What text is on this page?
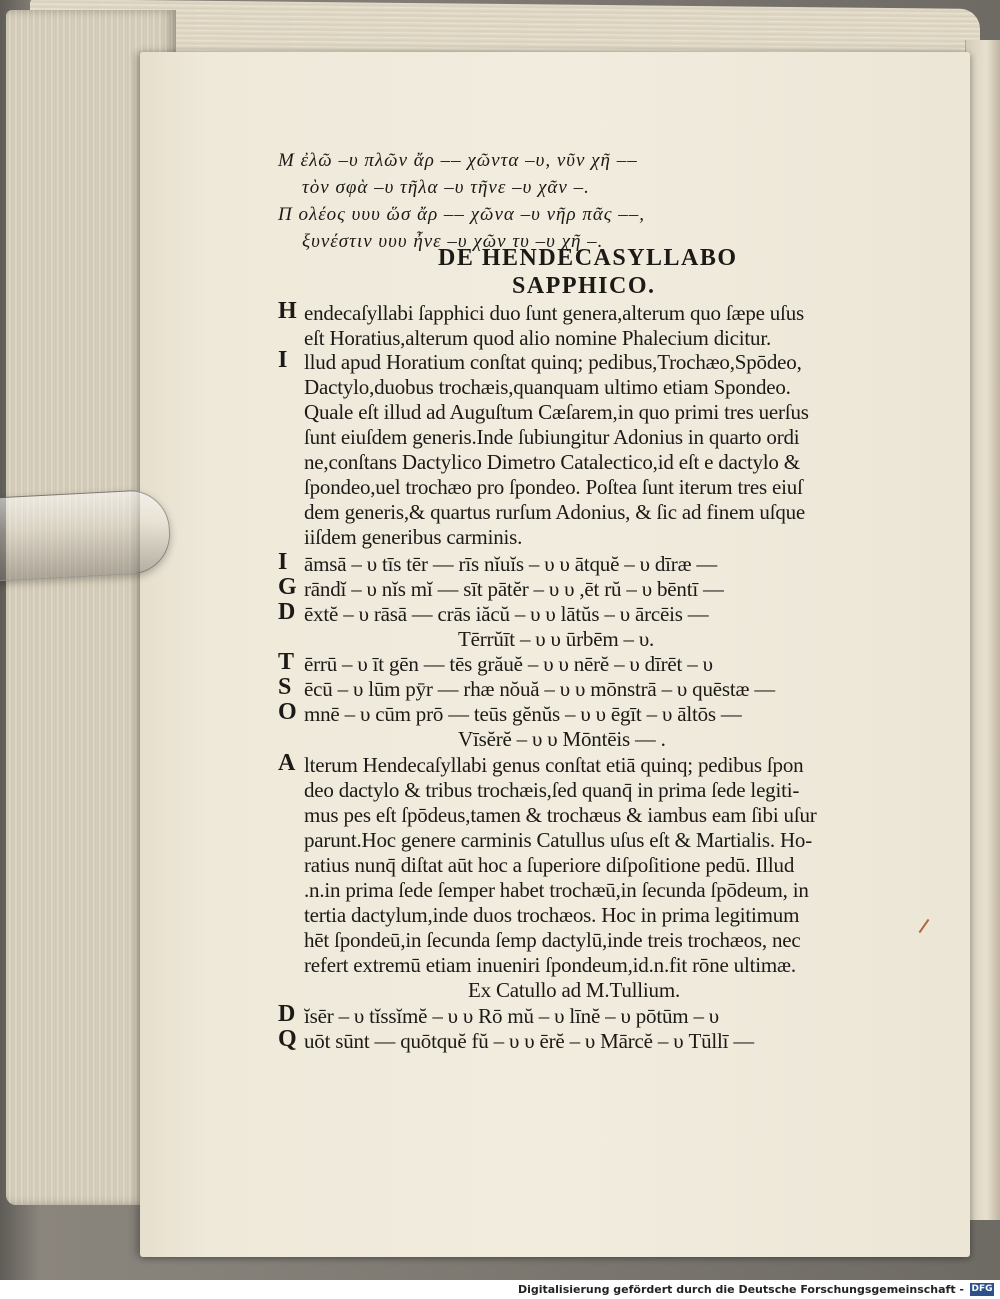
Μ ἐλῶ –υ πλῶν ἄρ –– χῶντα –υ, νῦν χῆ ––
τὸν σφὰ –υ τῆλα –υ τῆνε –υ χᾶν –.
Π ολέος υυυ ὥσ ἄρ –– χῶνα –υ νῆρ πᾶς ––,
ξυνέστιν υυυ ἦνε –υ χῶν τυ –υ χῆ –.
DE HENDECASYLLABO
SAPPHICO.
H endecaſyllabi ſapphici duo ſunt genera,alterum quo ſæpe uſus
eſt Horatius,alterum quod alio nomine Phalecium dicitur.
I llud apud Horatium conſtat quinq; pedibus,Trochæo,Spōdeo,
Dactylo,duobus trochæis,quanquam ultimo etiam Spondeo.
Quale eſt illud ad Auguſtum Cæſarem,in quo primi tres uerſus
ſunt eiuſdem generis.Inde ſubiungitur Adonius in quarto ordi
ne,conſtans Dactylico Dimetro Catalectico,id eſt e dactylo &
ſpondeo,uel trochæo pro ſpondeo. Poſtea ſunt iterum tres eiuſ
dem generis,& quartus rurſum Adonius, & ſic ad finem uſque
iiſdem generibus carminis.
I āmsā – υ tīs tēr –– rīs nĭuĭs – υ υ ātquĕ – υ dīræ ––
G rāndĭ – υ nĭs mĭ –– sīt pātĕr – υ υ ,ēt rŭ – υ bēntī ––
D ēxtĕ – υ rāsā –– crās iăcŭ – υ υ lātŭs – υ ārcēis ––
Tērrŭīt – υ υ ūrbēm – υ.
T ērrū – υ īt gēn –– tēs grăuĕ – υ υ nērĕ – υ dīrēt – υ
S ēcū – υ lūm pȳr –– rhæ nŏuă – υ υ mōnstrā – υ quēstæ ––
O mnē – υ cūm prō –– teūs gĕnŭs – υ υ ēgīt – υ āltōs ––
Vīsĕrĕ – υ υ Mōntēis –– .
A lterum Hendecaſyllabi genus conſtat etiā quinq; pedibus ſpon
deo dactylo & tribus trochæis,ſed quanq̄ in prima ſede legiti-
mus pes eſt ſpōdeus,tamen & trochæus & iambus eam ſibi uſur
parunt.Hoc genere carminis Catullus uſus eſt & Martialis. Ho-
ratius nunq̄ diſtat aūt hoc a ſuperiore diſpoſitione pedū. Illud
.n.in prima ſede ſemper habet trochæū,in ſecunda ſpōdeum, in
tertia dactylum,inde duos trochæos. Hoc in prima legitimum
hēt ſpondeū,in ſecunda ſemp dactylū,inde treis trochæos, nec
refert extremū etiam inueniri ſpondeum,id.n.fit rōne ultimæ.
Ex Catullo ad M.Tullium.
D ĭsēr – υ tĭssĭmĕ – υ υ Rō mŭ – υ līnĕ – υ pōtūm – υ
Q uōt sūnt –– quōtquĕ fŭ – υ υ ērĕ – υ Mārcĕ – υ Tūllī ––
Digitalisierung gefördert durch die Deutsche Forschungsgemeinschaft - DFG
